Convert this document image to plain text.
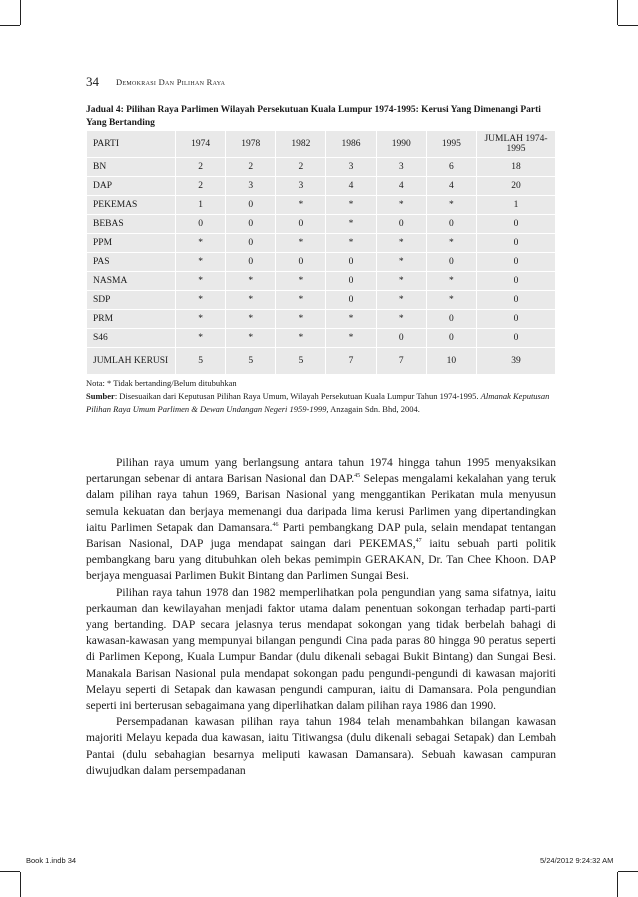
34 Demokrasi Dan Pilihan Raya
Jadual 4: Pilihan Raya Parlimen Wilayah Persekutuan Kuala Lumpur 1974-1995: Kerusi Yang Dimenangi Parti Yang Bertanding
PARTI	1974	1978	1982	1986	1990	1995	JUMLAH 1974-1995
BN	2	2	2	3	3	6	18
DAP	2	3	3	4	4	4	20
PEKEMAS	1	0	*	*	*	*	1
BEBAS	0	0	0	*	0	0	0
PPM	*	0	*	*	*	*	0
PAS	*	0	0	0	*	0	0
NASMA	*	*	*	0	*	*	0
SDP	*	*	*	0	*	*	0
PRM	*	*	*	*	*	0	0
S46	*	*	*	*	0	0	0
JUMLAH KERUSI	5	5	5	7	7	10	39

Nota: * Tidak bertanding/Belum ditubuhkan

Sumber: Disesuaikan dari Keputusan Pilihan Raya Umum, Wilayah Persekutuan Kuala Lumpur Tahun 1974-1995. Almanak Keputusan Pilihan Raya Umum Parlimen & Dewan Undangan Negeri 1959-1999, Anzagain Sdn. Bhd, 2004.

Pilihan raya umum yang berlangsung antara tahun 1974 hingga tahun 1995 menyaksikan pertarungan sebenar di antara Barisan Nasional dan DAP.$^{45}$ Selepas mengalami kekalahan yang teruk dalam pilihan raya tahun 1969, Barisan Nasional yang menggantikan Perikatan mula menyusun semula kekuatan dan berjaya memenangi dua daripada lima kerusi Parlimen yang dipertandingkan iaitu Parlimen Setapak dan Damansara.$^{46}$ Parti pembangkang DAP pula, selain mendapat tentangan Barisan Nasional, DAP juga mendapat saingan dari PEKEMAS,$^{47}$ iaitu sebuah parti politik pembangkang baru yang ditubuhkan oleh bekas pemimpin GERAKAN, Dr. Tan Chee Khoon. DAP berjaya menguasai Parlimen Bukit Bintang dan Parlimen Sungai Besi.

Pilihan raya tahun 1978 dan 1982 memperlihatkan pola pengundian yang sama sifatnya, iaitu perkauman dan kewilayahan menjadi faktor utama dalam penentuan sokongan terhadap parti-parti yang bertanding. DAP secara jelasnya terus mendapat sokongan yang tidak berbelah bahagi di kawasan-kawasan yang mempunyai bilangan pengundi Cina pada paras 80 hingga 90 peratus seperti di Parlimen Kepong, Kuala Lumpur Bandar (dulu dikenali sebagai Bukit Bintang) dan Sungai Besi. Manakala Barisan Nasional pula mendapat sokongan padu pengundi-pengundi di kawasan majoriti Melayu seperti di Setapak dan kawasan pengundi campuran, iaitu di Damansara. Pola pengundian seperti ini berterusan sebagaimana yang diperlihatkan dalam pilihan raya 1986 dan 1990.

Persempadanan kawasan pilihan raya tahun 1984 telah menambahkan bilangan kawasan majoriti Melayu kepada dua kawasan, iaitu Titiwangsa (dulu dikenali sebagai Setapak) dan Lembah Pantai (dulu sebahagian besarnya meliputi kawasan Damansara). Sebuah kawasan campuran diwujudkan dalam persempadanan

Book 1.indb 34	5/24/2012 9:24:32 AM
